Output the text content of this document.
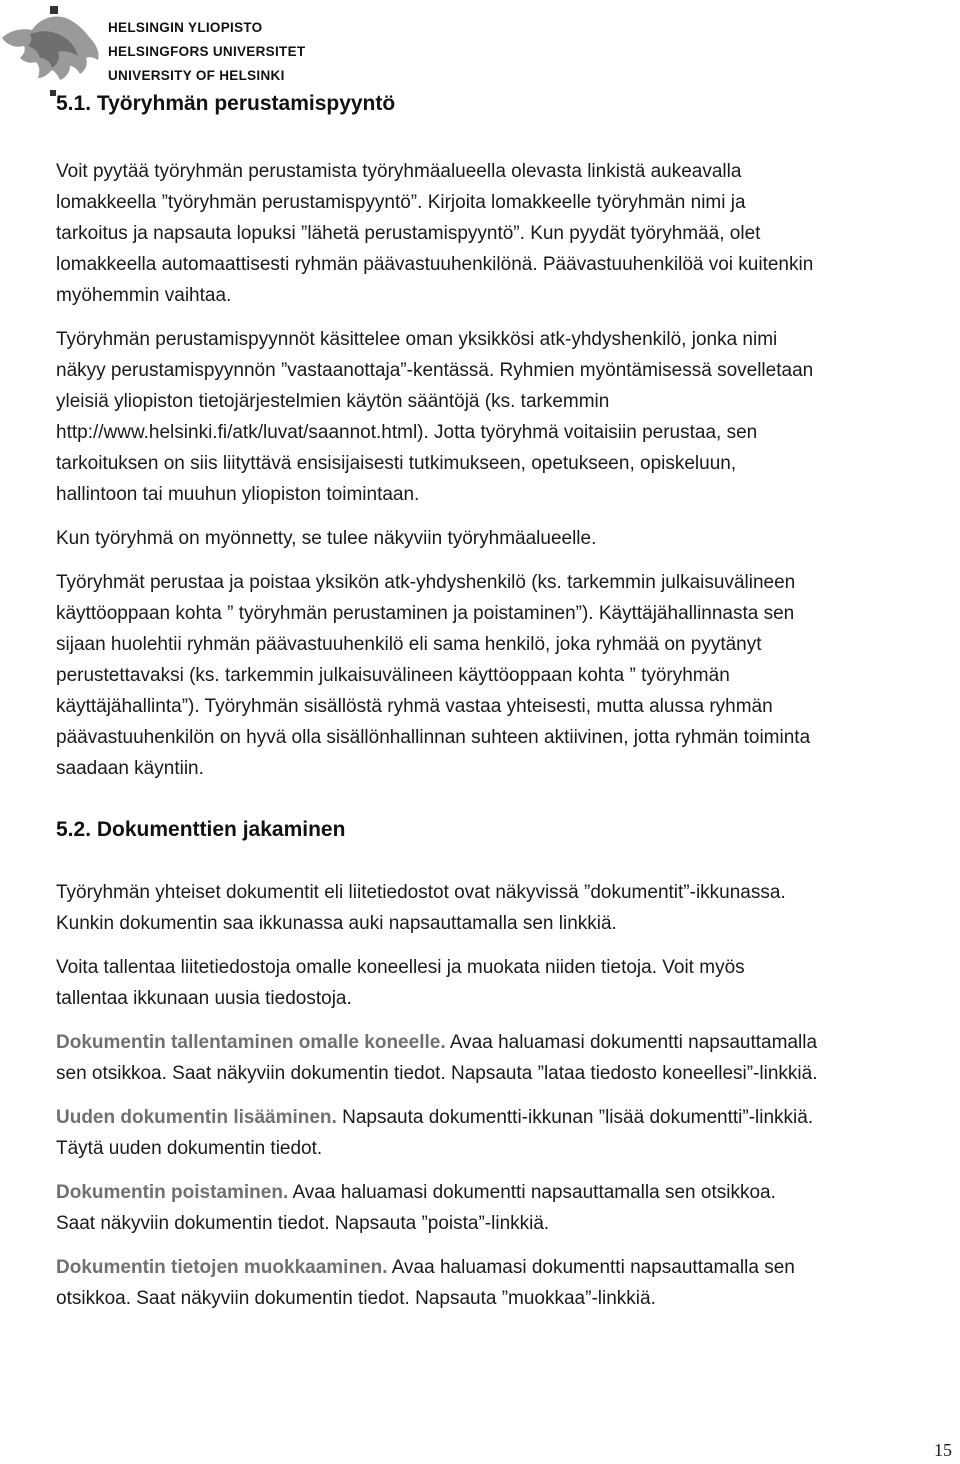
HELSINGIN YLIOPISTO
HELSINGFORS UNIVERSITET
UNIVERSITY OF HELSINKI
5.1. Työryhmän perustamispyyntö

Voit pyytää työryhmän perustamista työryhmäalueella olevasta linkistä aukeavalla
lomakkeella ”työryhmän perustamispyyntö”. Kirjoita lomakkeelle työryhmän nimi ja
tarkoitus ja napsauta lopuksi ”lähetä perustamispyyntö”. Kun pyydät työryhmää, olet
lomakkeella automaattisesti ryhmän päävastuuhenkilönä. Päävastuuhenkilöä voi kuitenkin
myöhemmin vaihtaa.

Työryhmän perustamispyynnöt käsittelee oman yksikkösi atk-yhdyshenkilö, jonka nimi
näkyy perustamispyynnön ”vastaanottaja”-kentässä. Ryhmien myöntämisessä sovelletaan
yleisiä yliopiston tietojärjestelmien käytön sääntöjä (ks. tarkemmin
http://www.helsinki.fi/atk/luvat/saannot.html). Jotta työryhmä voitaisiin perustaa, sen
tarkoituksen on siis liityttävä ensisijaisesti tutkimukseen, opetukseen, opiskeluun,
hallintoon tai muuhun yliopiston toimintaan.

Kun työryhmä on myönnetty, se tulee näkyviin työryhmäalueelle.

Työryhmät perustaa ja poistaa yksikön atk-yhdyshenkilö (ks. tarkemmin julkaisuvälineen
käyttöoppaan kohta ” työryhmän perustaminen ja poistaminen”). Käyttäjähallinnasta sen
sijaan huolehtii ryhmän päävastuuhenkilö eli sama henkilö, joka ryhmää on pyytänyt
perustettavaksi (ks. tarkemmin julkaisuvälineen käyttöoppaan kohta ” työryhmän
käyttäjähallinta”). Työryhmän sisällöstä ryhmä vastaa yhteisesti, mutta alussa ryhmän
päävastuuhenkilön on hyvä olla sisällönhallinnan suhteen aktiivinen, jotta ryhmän toiminta
saadaan käyntiin.

5.2. Dokumenttien jakaminen

Työryhmän yhteiset dokumentit eli liitetiedostot ovat näkyvissä ”dokumentit”-ikkunassa.
Kunkin dokumentin saa ikkunassa auki napsauttamalla sen linkkiä.

Voita tallentaa liitetiedostoja omalle koneellesi ja muokata niiden tietoja. Voit myös
tallentaa ikkunaan uusia tiedostoja.

Dokumentin tallentaminen omalle koneelle. Avaa haluamasi dokumentti napsauttamalla
sen otsikkoa. Saat näkyviin dokumentin tiedot. Napsauta ”lataa tiedosto koneellesi”-linkkiä.

Uuden dokumentin lisääminen. Napsauta dokumentti-ikkunan ”lisää dokumentti”-linkkiä.
Täytä uuden dokumentin tiedot.

Dokumentin poistaminen. Avaa haluamasi dokumentti napsauttamalla sen otsikkoa.
Saat näkyviin dokumentin tiedot. Napsauta ”poista”-linkkiä.

Dokumentin tietojen muokkaaminen. Avaa haluamasi dokumentti napsauttamalla sen
otsikkoa. Saat näkyviin dokumentin tiedot. Napsauta ”muokkaa”-linkkiä.

15
